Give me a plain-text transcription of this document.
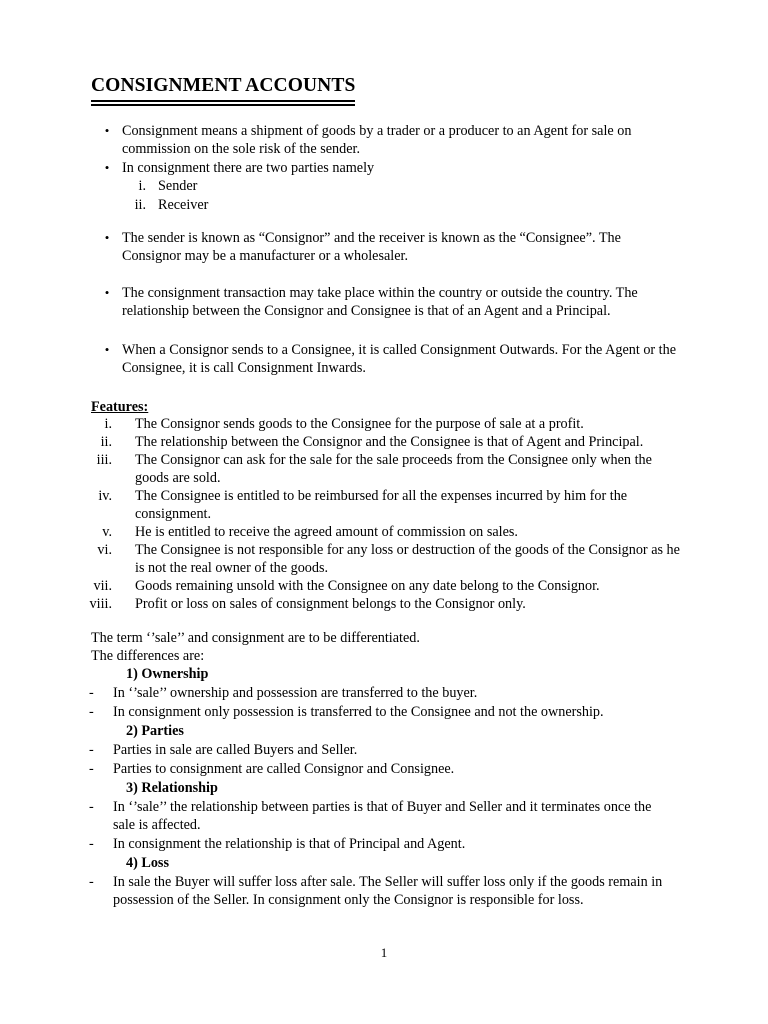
CONSIGNMENT ACCOUNTS
• Consignment means a shipment of goods by a trader or a producer to an Agent for sale on commission on the sole risk of the sender.
• In consignment there are two parties namely
i. Sender
ii. Receiver
• The sender is known as “Consignor” and the receiver is known as the “Consignee”. The Consignor may be a manufacturer or a wholesaler.
• The consignment transaction may take place within the country or outside the country. The relationship between the Consignor and Consignee is that of an Agent and a Principal.
• When a Consignor sends to a Consignee, it is called Consignment Outwards. For the Agent or the Consignee, it is call Consignment Inwards.
Features:
i. The Consignor sends goods to the Consignee for the purpose of sale at a profit.
ii. The relationship between the Consignor and the Consignee is that of Agent and Principal.
iii. The Consignor can ask for the sale for the sale proceeds from the Consignee only when the goods are sold.
iv. The Consignee is entitled to be reimbursed for all the expenses incurred by him for the consignment.
v. He is entitled to receive the agreed amount of commission on sales.
vi. The Consignee is not responsible for any loss or destruction of the goods of the Consignor as he is not the real owner of the goods.
vii. Goods remaining unsold with the Consignee on any date belong to the Consignor.
viii. Profit or loss on sales of consignment belongs to the Consignor only.
The term ‘’sale’’ and consignment are to be differentiated.
The differences are:
1) Ownership
- In ‘’sale’’ ownership and possession are transferred to the buyer.
- In consignment only possession is transferred to the Consignee and not the ownership.
2) Parties
- Parties in sale are called Buyers and Seller.
- Parties to consignment are called Consignor and Consignee.
3) Relationship
- In ‘’sale’’ the relationship between parties is that of Buyer and Seller and it terminates once the sale is affected.
- In consignment the relationship is that of Principal and Agent.
4) Loss
- In sale the Buyer will suffer loss after sale. The Seller will suffer loss only if the goods remain in possession of the Seller. In consignment only the Consignor is responsible for loss.
1
